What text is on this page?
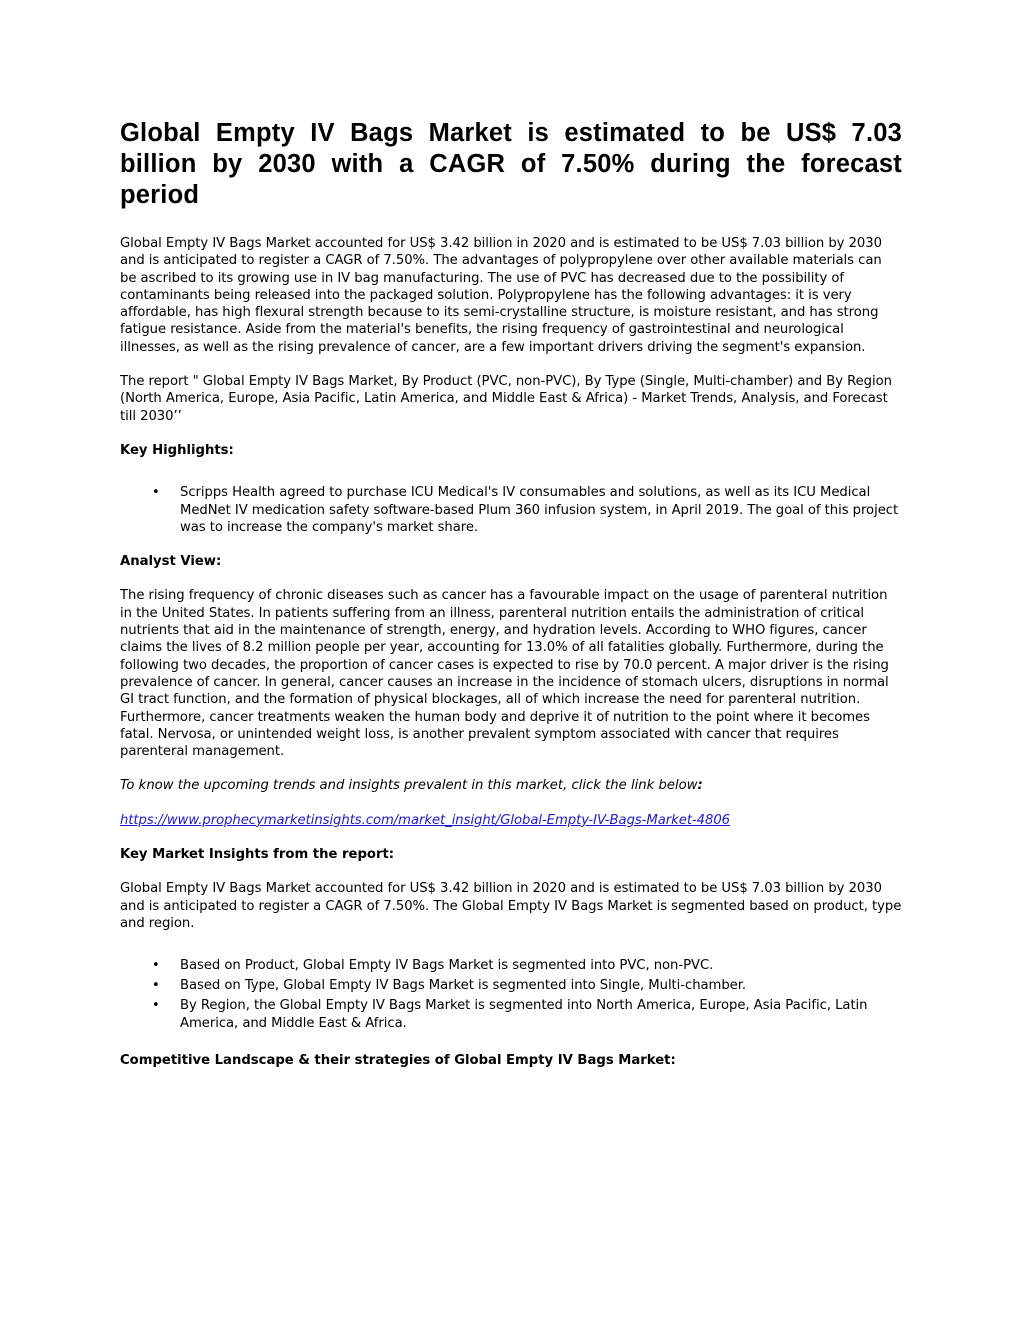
Global Empty IV Bags Market is estimated to be US$ 7.03 billion by 2030 with a CAGR of 7.50% during the forecast period

Global Empty IV Bags Market accounted for US$ 3.42 billion in 2020 and is estimated to be US$ 7.03 billion by 2030 and is anticipated to register a CAGR of 7.50%. The advantages of polypropylene over other available materials can be ascribed to its growing use in IV bag manufacturing. The use of PVC has decreased due to the possibility of contaminants being released into the packaged solution. Polypropylene has the following advantages: it is very affordable, has high flexural strength because to its semi-crystalline structure, is moisture resistant, and has strong fatigue resistance. Aside from the material's benefits, the rising frequency of gastrointestinal and neurological illnesses, as well as the rising prevalence of cancer, are a few important drivers driving the segment's expansion.

The report " Global Empty IV Bags Market, By Product (PVC, non-PVC), By Type (Single, Multi-chamber) and By Region (North America, Europe, Asia Pacific, Latin America, and Middle East & Africa) - Market Trends, Analysis, and Forecast till 2030’’

Key Highlights:

• Scripps Health agreed to purchase ICU Medical's IV consumables and solutions, as well as its ICU Medical MedNet IV medication safety software-based Plum 360 infusion system, in April 2019. The goal of this project was to increase the company's market share.

Analyst View:

The rising frequency of chronic diseases such as cancer has a favourable impact on the usage of parenteral nutrition in the United States. In patients suffering from an illness, parenteral nutrition entails the administration of critical nutrients that aid in the maintenance of strength, energy, and hydration levels. According to WHO figures, cancer claims the lives of 8.2 million people per year, accounting for 13.0% of all fatalities globally. Furthermore, during the following two decades, the proportion of cancer cases is expected to rise by 70.0 percent. A major driver is the rising prevalence of cancer. In general, cancer causes an increase in the incidence of stomach ulcers, disruptions in normal GI tract function, and the formation of physical blockages, all of which increase the need for parenteral nutrition. Furthermore, cancer treatments weaken the human body and deprive it of nutrition to the point where it becomes fatal. Nervosa, or unintended weight loss, is another prevalent symptom associated with cancer that requires parenteral management.

To know the upcoming trends and insights prevalent in this market, click the link below:

https://www.prophecymarketinsights.com/market_insight/Global-Empty-IV-Bags-Market-4806

Key Market Insights from the report:

Global Empty IV Bags Market accounted for US$ 3.42 billion in 2020 and is estimated to be US$ 7.03 billion by 2030 and is anticipated to register a CAGR of 7.50%. The Global Empty IV Bags Market is segmented based on product, type and region.

• Based on Product, Global Empty IV Bags Market is segmented into PVC, non-PVC.
• Based on Type, Global Empty IV Bags Market is segmented into Single, Multi-chamber.
• By Region, the Global Empty IV Bags Market is segmented into North America, Europe, Asia Pacific, Latin America, and Middle East & Africa.

Competitive Landscape & their strategies of Global Empty IV Bags Market:
